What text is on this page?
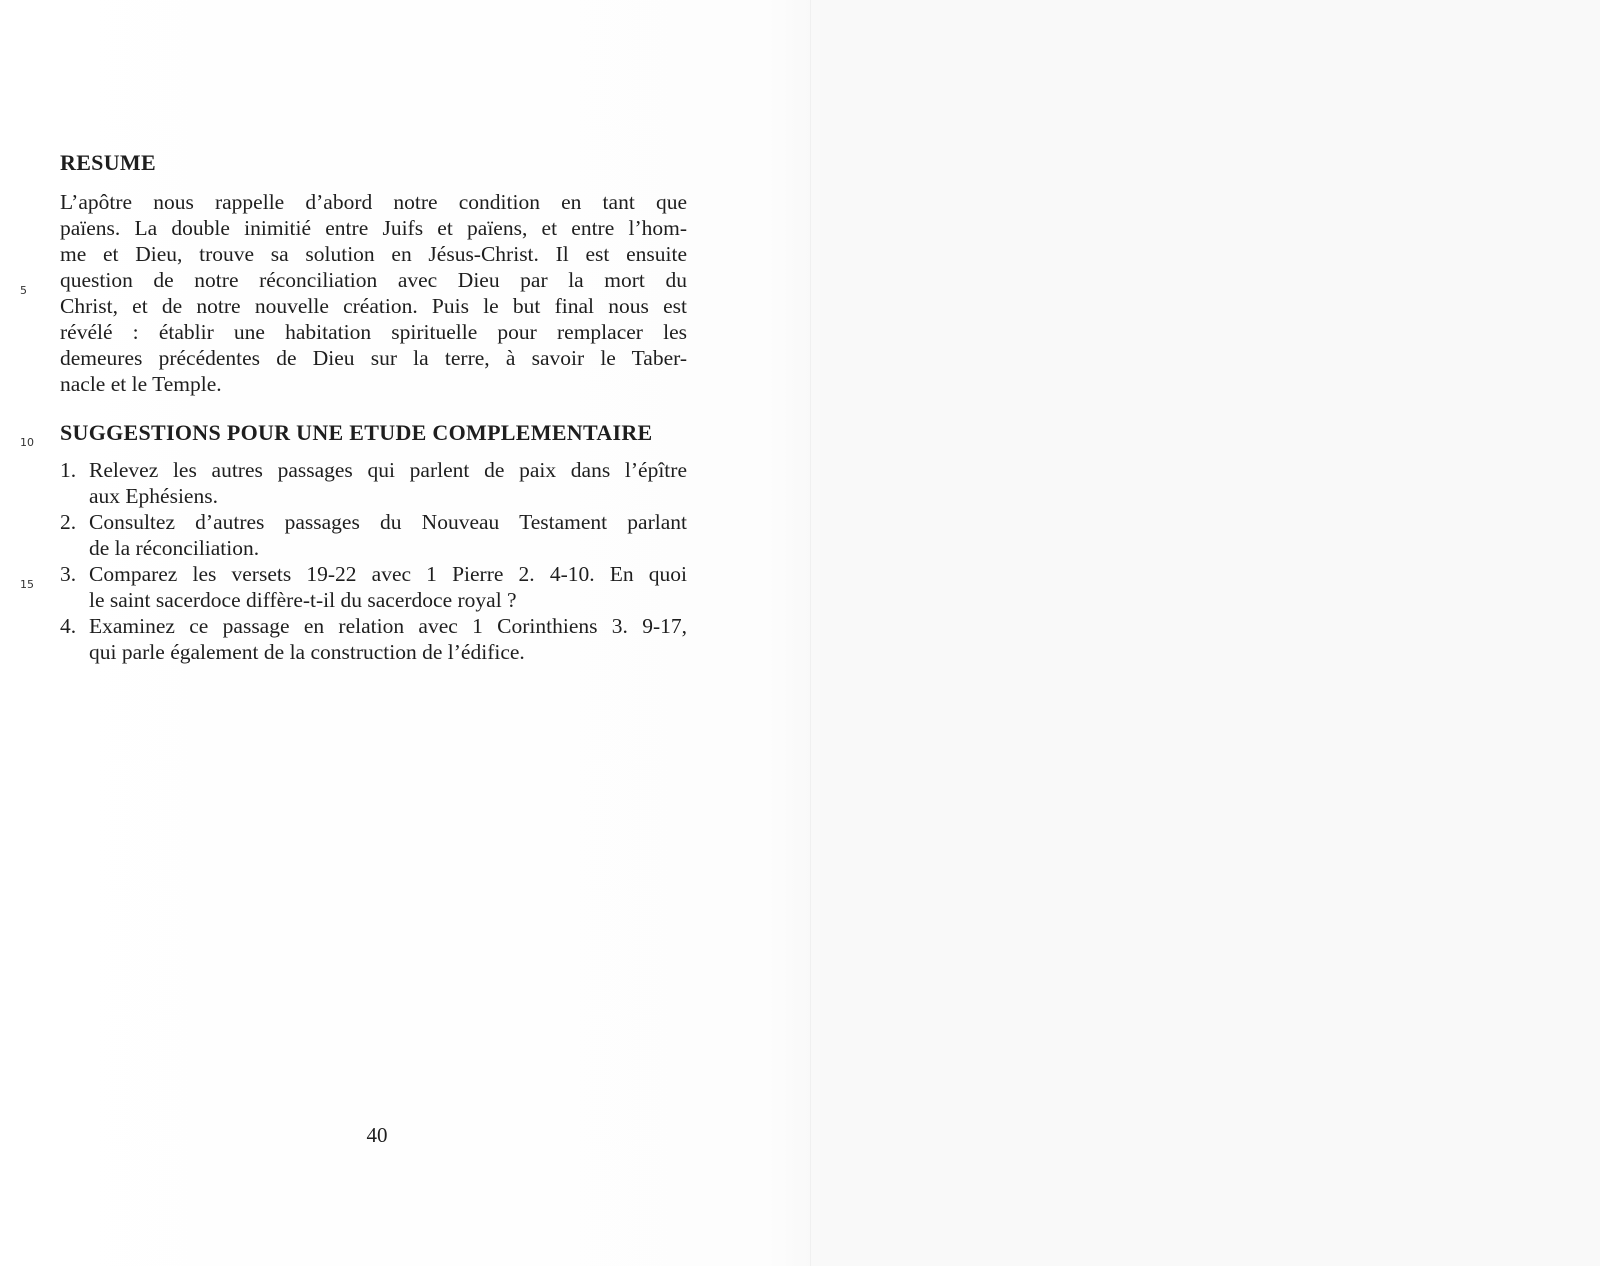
RESUME
L’apôtre nous rappelle d’abord notre condition en tant que
païens. La double inimitié entre Juifs et païens, et entre l’hom-
me et Dieu, trouve sa solution en Jésus-Christ. Il est ensuite
5 question de notre réconciliation avec Dieu par la mort du
Christ, et de notre nouvelle création. Puis le but final nous est
révélé : établir une habitation spirituelle pour remplacer les
demeures précédentes de Dieu sur la terre, à savoir le Taber-
nacle et le Temple.
10 SUGGESTIONS POUR UNE ETUDE COMPLEMENTAIRE
1. Relevez les autres passages qui parlent de paix dans l’épître
aux Ephésiens.
2. Consultez d’autres passages du Nouveau Testament parlant
de la réconciliation.
15 3. Comparez les versets 19-22 avec 1 Pierre 2. 4-10. En quoi
le saint sacerdoce diffère-t-il du sacerdoce royal ?
4. Examinez ce passage en relation avec 1 Corinthiens 3. 9-17,
qui parle également de la construction de l’édifice.
40
